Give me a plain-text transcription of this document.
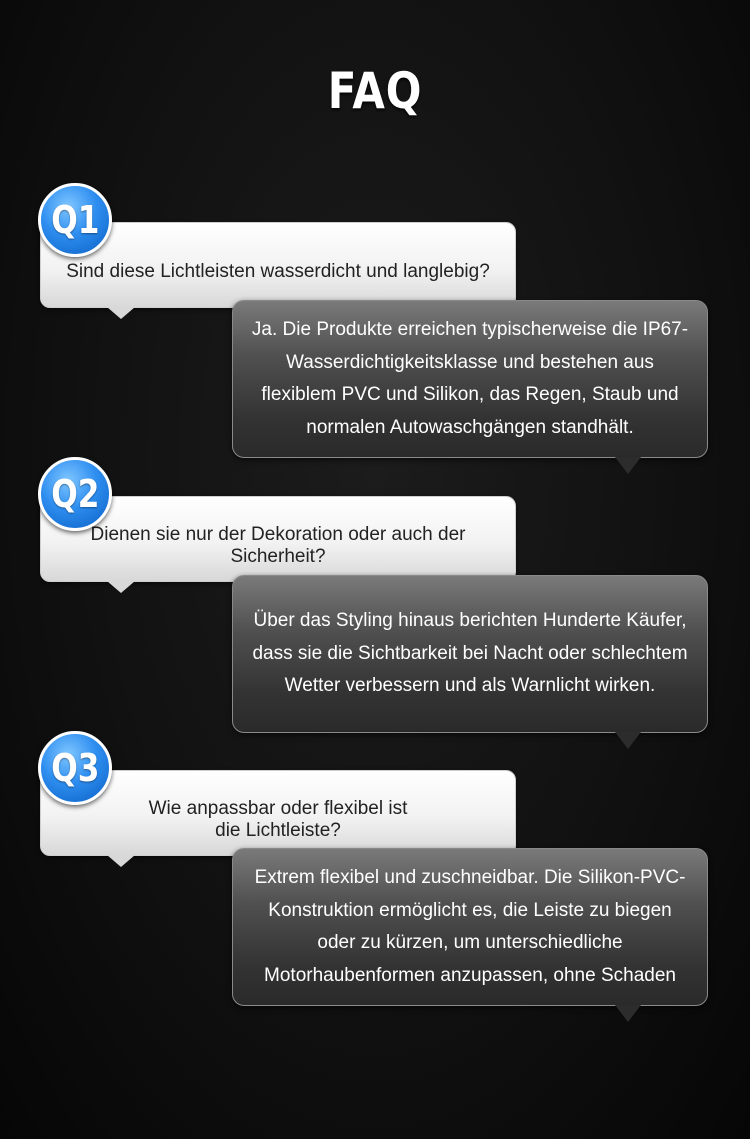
FAQ
Sind diese Lichtleisten wasserdicht und langlebig?
Q1
Ja. Die Produkte erreichen typischerweise die IP67-Wasserdichtigkeitsklasse und bestehen aus flexiblem PVC und Silikon, das Regen, Staub und normalen Autowaschgängen standhält.
Dienen sie nur der Dekoration oder auch der Sicherheit?
Q2
Über das Styling hinaus berichten Hunderte Käufer, dass sie die Sichtbarkeit bei Nacht oder schlechtem Wetter verbessern und als Warnlicht wirken.
Wie anpassbar oder flexibel ist die Lichtleiste?
Q3
Extrem flexibel und zuschneidbar. Die Silikon-PVC-Konstruktion ermöglicht es, die Leiste zu biegen oder zu kürzen, um unterschiedliche Motorhaubenformen anzupassen, ohne Schaden
